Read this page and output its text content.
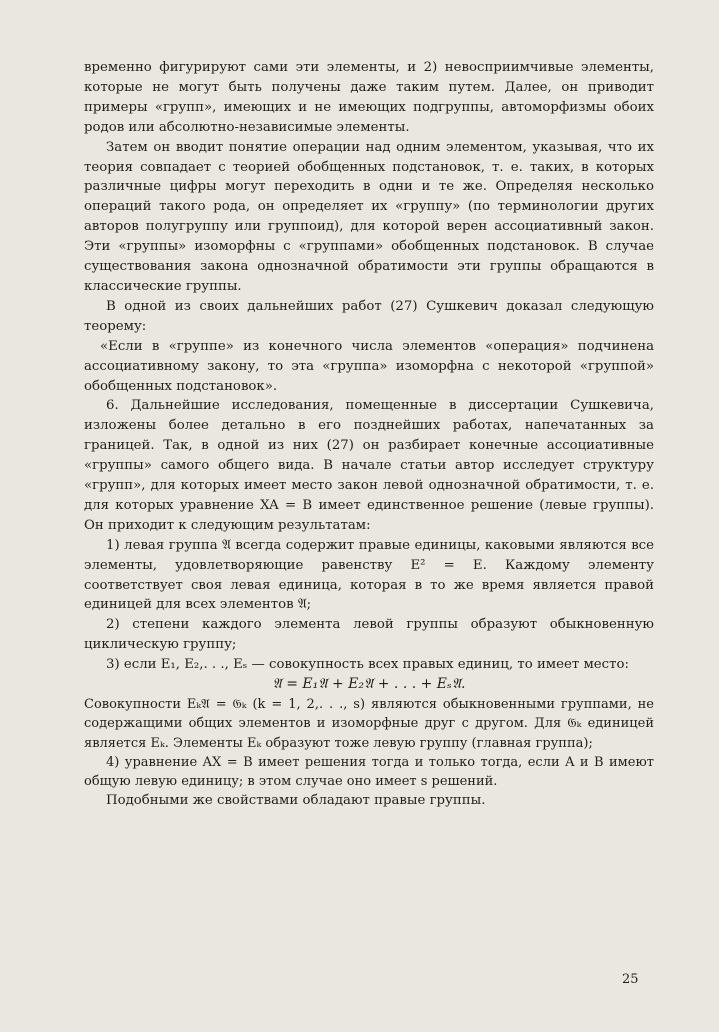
временно фигурируют сами эти элементы, и 2) невосприимчивые элементы, которые не могут быть получены даже таким путем. Далее, он приводит примеры «групп», имеющих и не имеющих подгруппы, автоморфизмы обоих родов или абсолютно-независимые элементы.

Затем он вводит понятие операции над одним элементом, указывая, что их теория совпадает с теорией обобщенных подстановок, т. е. таких, в которых различные цифры могут переходить в одни и те же. Определяя несколько операций такого рода, он определяет их «группу» (по терминологии других авторов полугруппу или группоид), для которой верен ассоциативный закон. Эти «группы» изоморфны с «группами» обобщенных подстановок. В случае существования закона однозначной обратимости эти группы обращаются в классические группы.

В одной из своих дальнейших работ (27) Сушкевич доказал следующую теорему:

«Если в «группе» из конечного числа элементов «операция» подчинена ассоциативному закону, то эта «группа» изоморфна с некоторой «группой» обобщенных подстановок».

6. Дальнейшие исследования, помещенные в диссертации Сушкевича, изложены более детально в его позднейших работах, напечатанных за границей. Так, в одной из них (27) он разбирает конечные ассоциативные «группы» самого общего вида. В начале статьи автор исследует структуру «групп», для которых имеет место закон левой однозначной обратимости, т. е. для которых уравнение XA = B имеет единственное решение (левые группы). Он приходит к следующим результатам:

1) левая группа 𝔄 всегда содержит правые единицы, каковыми являются все элементы, удовлетворяющие равенству E² = E. Каждому элементу соответствует своя левая единица, которая в то же время является правой единицей для всех элементов 𝔄;

2) степени каждого элемента левой группы образуют обыкновенную циклическую группу;

3) если E₁, E₂,. . ., Eₛ — совокупность всех правых единиц, то имеет место:

𝔄 = E₁𝔄 + E₂𝔄 + . . . + Eₛ𝔄.

Совокупности Eₖ𝔄 = 𝔊ₖ (k = 1, 2,. . ., s) являются обыкновенными группами, не содержащими общих элементов и изоморфные друг с другом. Для 𝔊ₖ единицей является Eₖ. Элементы Eₖ образуют тоже левую группу (главная группа);

4) уравнение AX = B имеет решения тогда и только тогда, если A и B имеют общую левую единицу; в этом случае оно имеет s решений.

Подобными же свойствами обладают правые группы.

25
